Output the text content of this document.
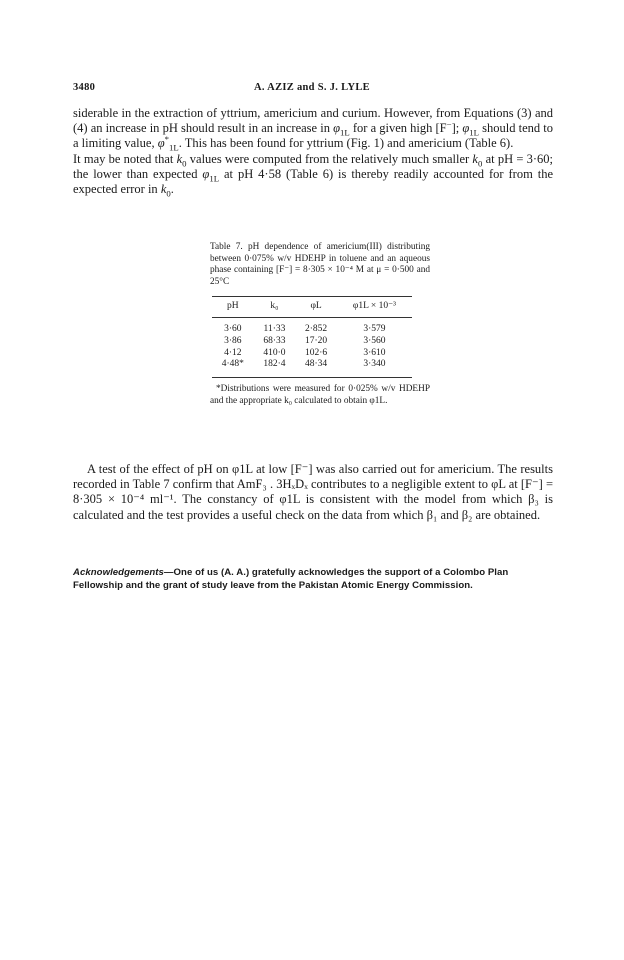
3480	A. AZIZ and S. J. LYLE

siderable in the extraction of yttrium, americium and curium. However, from Equations (3) and (4) an increase in pH should result in an increase in $\varphi_{1L}$ for a given high [F−]; $\varphi_{1L}$ should tend to a limiting value, $\varphi^*_{1L}$. This has been found for yttrium (Fig. 1) and americium (Table 6).

It may be noted that $k_0$ values were computed from the relatively much smaller $k_0$ at pH = 3·60; the lower than expected $\varphi_{1L}$ at pH 4·58 (Table 6) is thereby readily accounted for from the expected error in $k_0$.

Table 7. pH dependence of americium(III) distributing between 0·075% w/v HDEHP in toluene and an aqueous phase containing [F⁻] = 8·305 × 10⁻⁴ M at μ = 0·500 and 25°C

pH	k₀	φL	φ1L × 10⁻³
3·60	11·33	2·852	3·579
3·86	68·33	17·20	3·560
4·12	410·0	102·6	3·610
4·48*	182·4	48·34	3·340

*Distributions were measured for 0·025% w/v HDEHP and the appropriate k₀ calculated to obtain φ1L.

A test of the effect of pH on φ1L at low [F⁻] was also carried out for americium. The results recorded in Table 7 confirm that AmF₃ . 3HₓDₓ contributes to a negligible extent to φL at [F⁻] = 8·305 × 10⁻⁴ ml⁻¹. The constancy of φ1L is consistent with the model from which β₃ is calculated and the test provides a useful check on the data from which β₁ and β₂ are obtained.

Acknowledgements—One of us (A. A.) gratefully acknowledges the support of a Colombo Plan Fellowship and the grant of study leave from the Pakistan Atomic Energy Commission.
